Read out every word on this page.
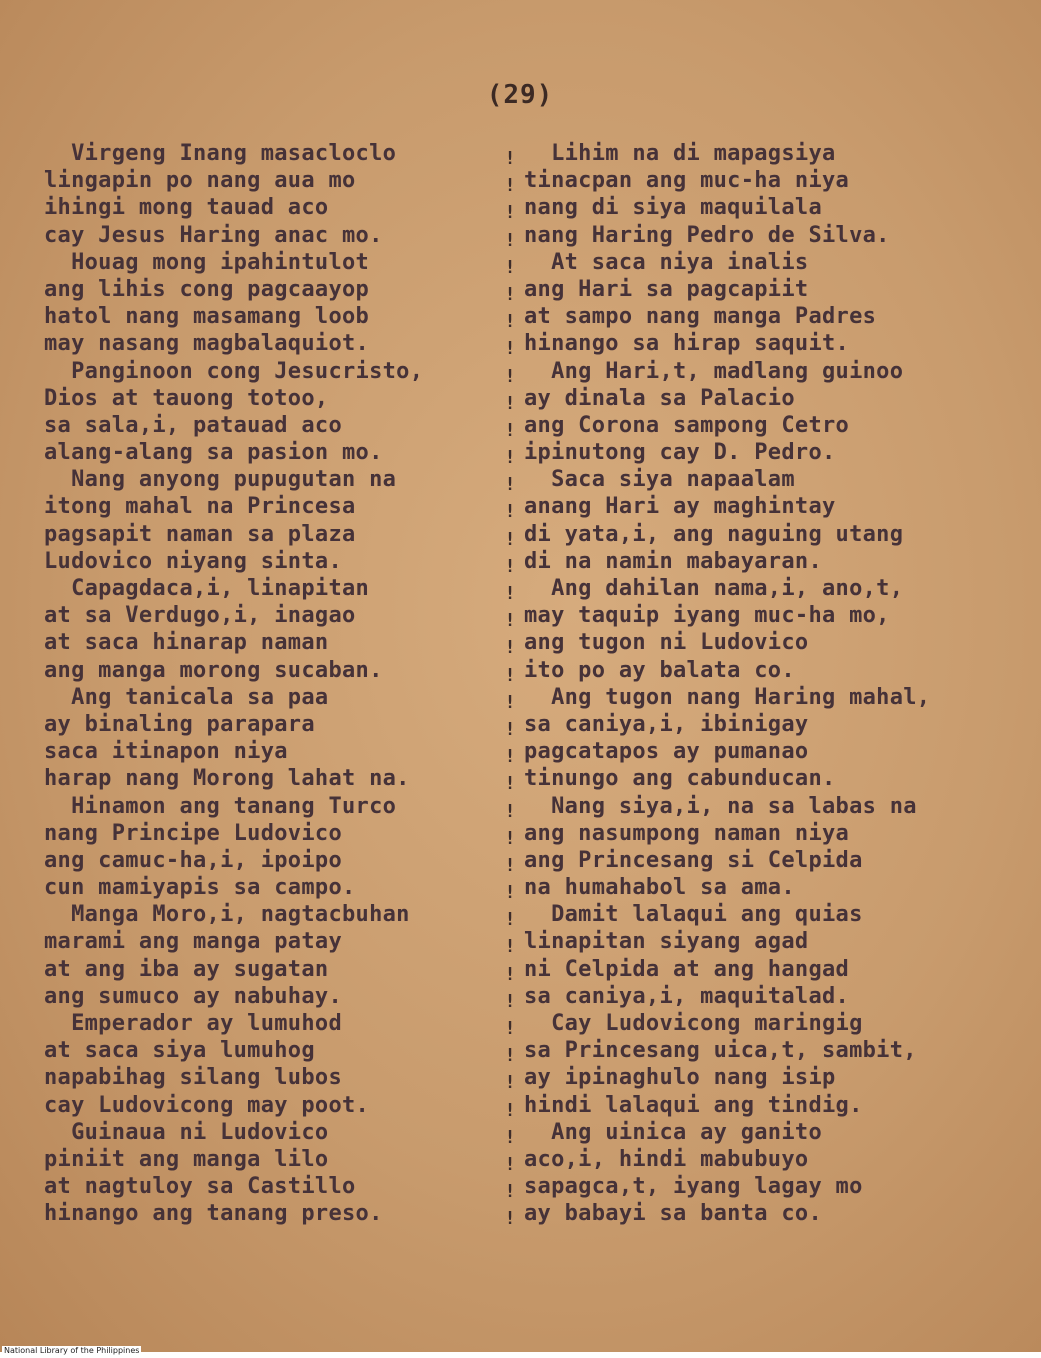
(29)
Virgeng Inang masacloclo
lingapin po nang aua mo
ihingi mong tauad aco
cay Jesus Haring anac mo.
Houag mong ipahintulot
ang lihis cong pagcaayop
hatol nang masamang loob
may nasang magbalaquiot.
Panginoon cong Jesucristo,
Dios at tauong totoo,
sa sala,i, patauad aco
alang-alang sa pasion mo.
Nang anyong pupugutan na
itong mahal na Princesa
pagsapit naman sa plaza
Ludovico niyang sinta.
Capagdaca,i, linapitan
at sa Verdugo,i, inagao
at saca hinarap naman
ang manga morong sucaban.
Ang tanicala sa paa
ay binaling parapara
saca itinapon niya
harap nang Morong lahat na.
Hinamon ang tanang Turco
nang Principe Ludovico
ang camuc-ha,i, ipoipo
cun mamiyapis sa campo.
Manga Moro,i, nagtacbuhan
marami ang manga patay
at ang iba ay sugatan
ang sumuco ay nabuhay.
Emperador ay lumuhod
at saca siya lumuhog
napabihag silang lubos
cay Ludovicong may poot.
Guinaua ni Ludovico
piniit ang manga lilo
at nagtuloy sa Castillo
hinango ang tanang preso.
!
!
!
!
!
!
!
!
!
!
!
!
!
!
!
!
!
!
!
!
!
!
!
!
!
!
!
!
!
!
!
!
!
!
!
!
!
!
!
!
Lihim na di mapagsiya
tinacpan ang muc-ha niya
nang di siya maquilala
nang Haring Pedro de Silva.
At saca niya inalis
ang Hari sa pagcapiit
at sampo nang manga Padres
hinango sa hirap saquit.
Ang Hari,t, madlang guinoo
ay dinala sa Palacio
ang Corona sampong Cetro
ipinutong cay D. Pedro.
Saca siya napaalam
anang Hari ay maghintay
di yata,i, ang naguing utang
di na namin mabayaran.
Ang dahilan nama,i, ano,t,
may taquip iyang muc-ha mo,
ang tugon ni Ludovico
ito po ay balata co.
Ang tugon nang Haring mahal,
sa caniya,i, ibinigay
pagcatapos ay pumanao
tinungo ang cabunducan.
Nang siya,i, na sa labas na
ang nasumpong naman niya
ang Princesang si Celpida
na humahabol sa ama.
Damit lalaqui ang quias
linapitan siyang agad
ni Celpida at ang hangad
sa caniya,i, maquitalad.
Cay Ludovicong maringig
sa Princesang uica,t, sambit,
ay ipinaghulo nang isip
hindi lalaqui ang tindig.
Ang uinica ay ganito
aco,i, hindi mabubuyo
sapagca,t, iyang lagay mo
ay babayi sa banta co.
National Library of the Philippines
